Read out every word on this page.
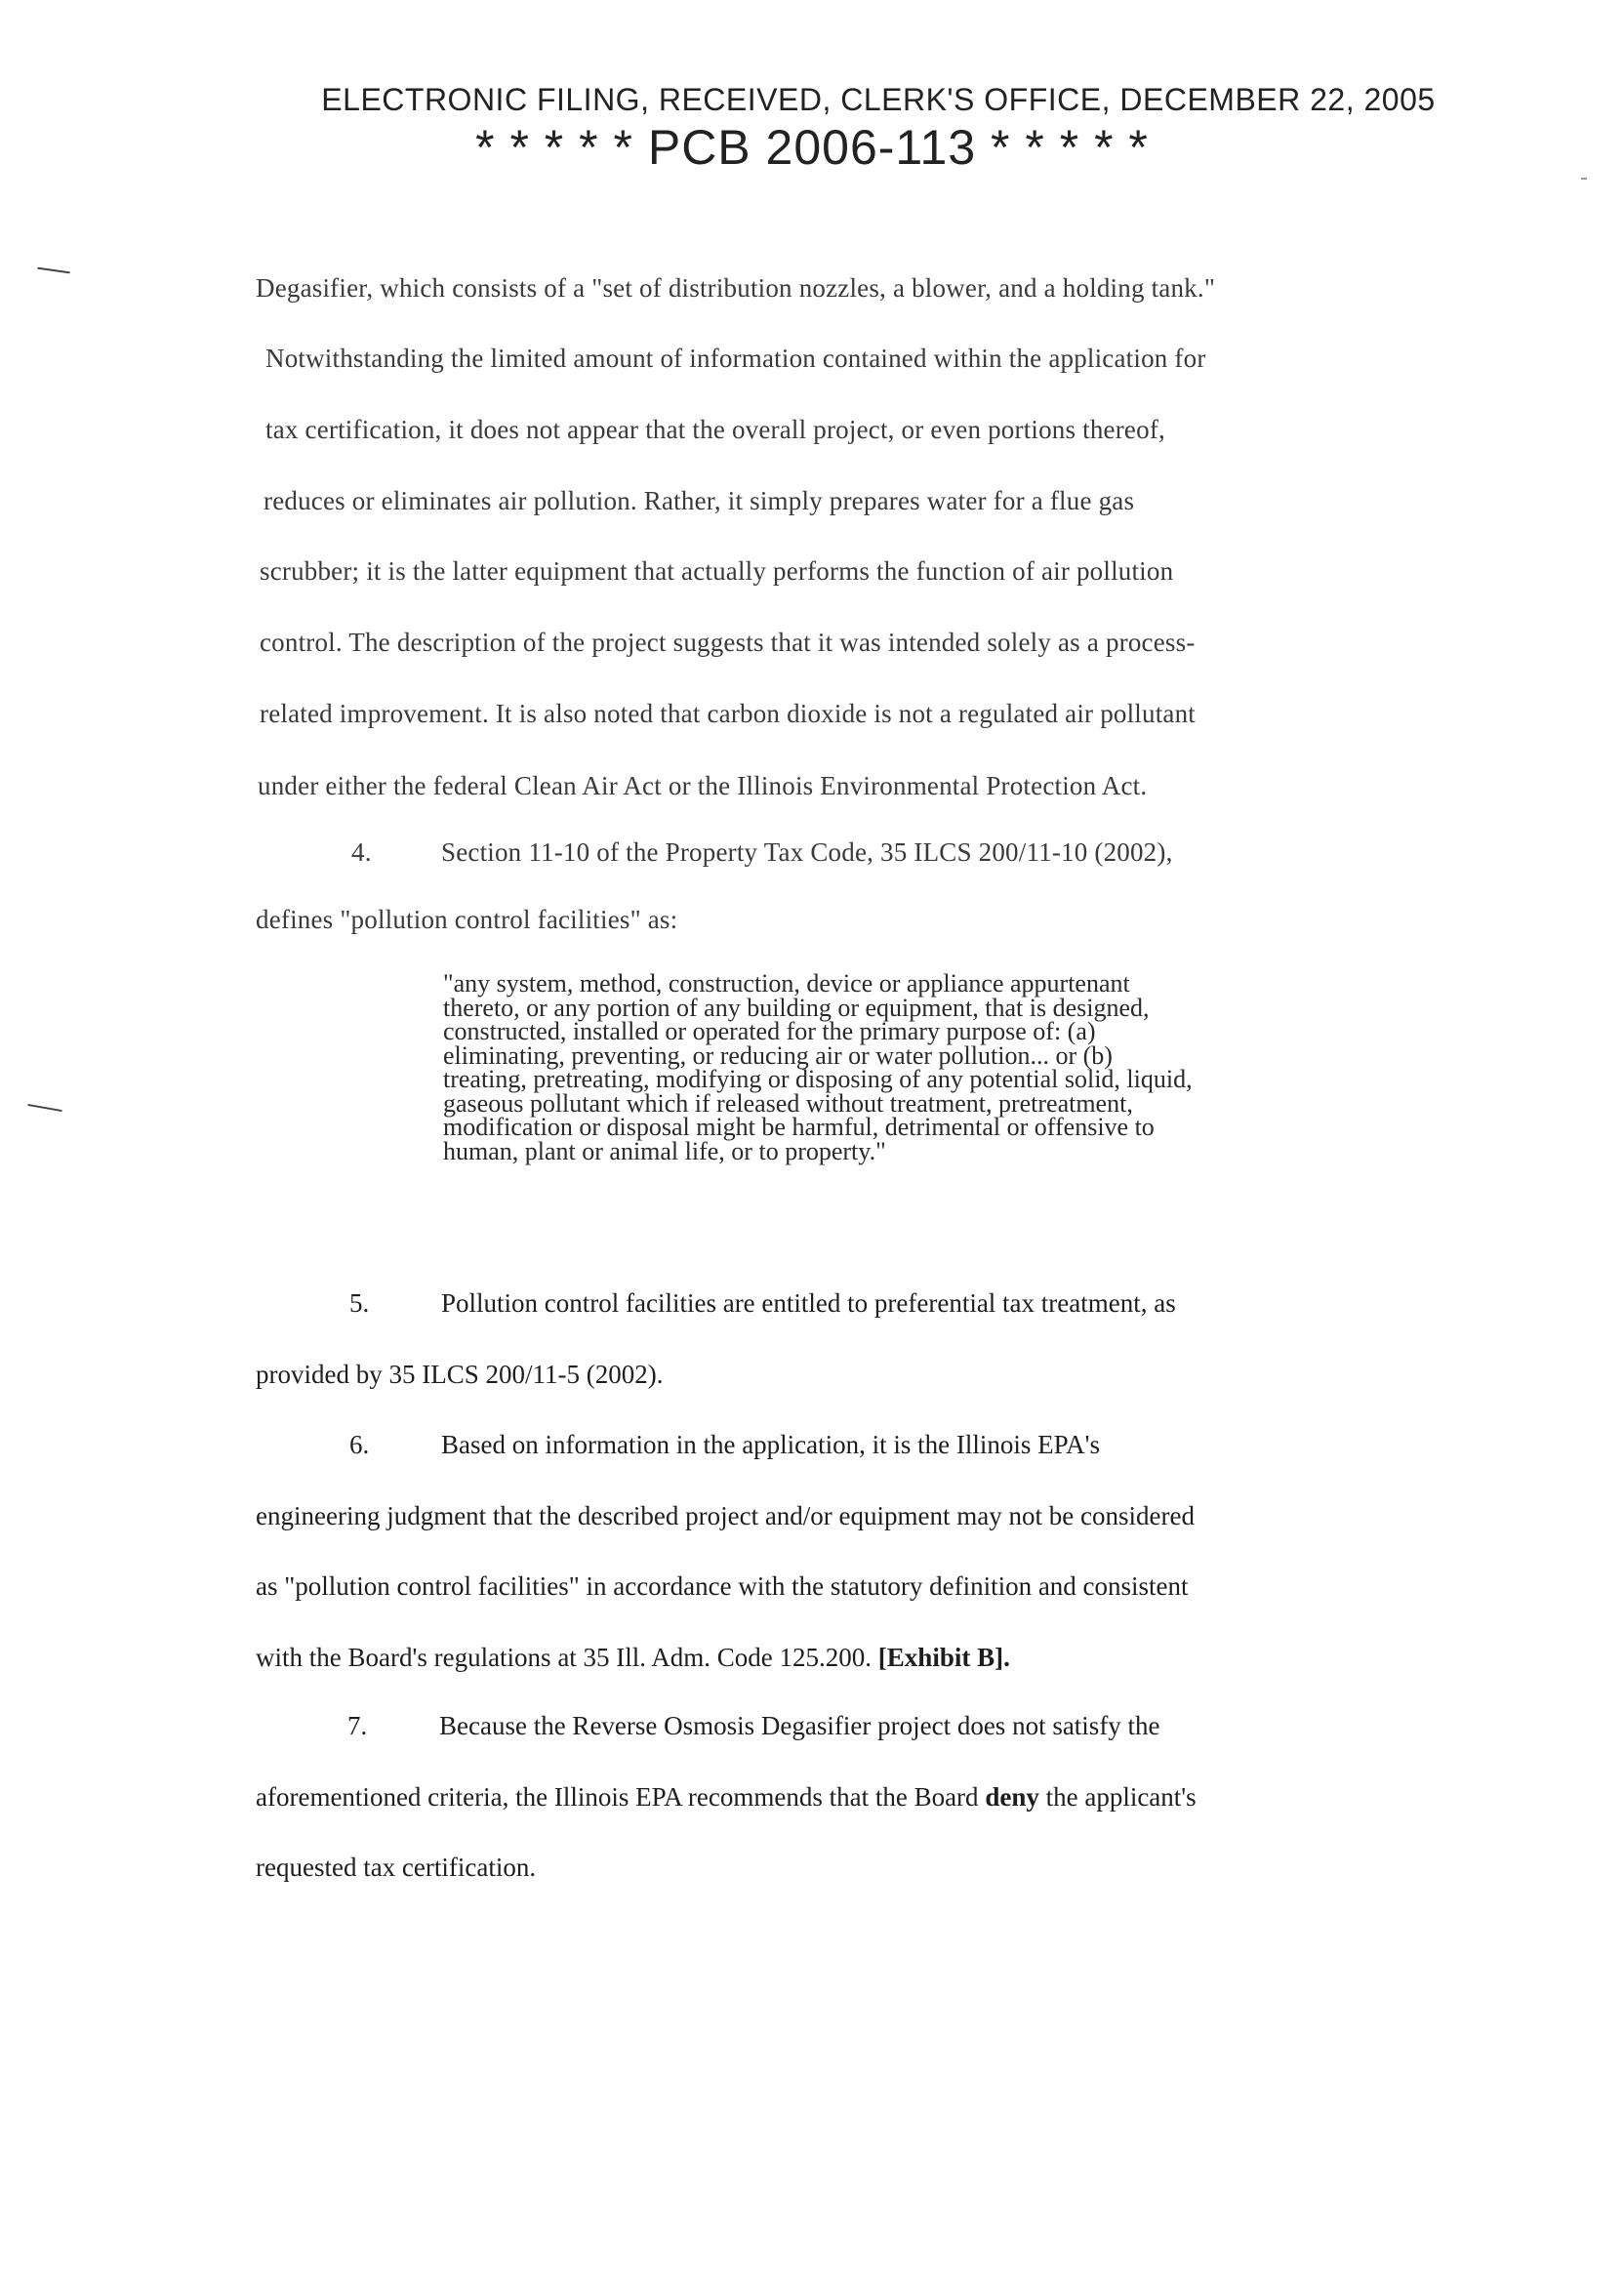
ELECTRONIC FILING, RECEIVED, CLERK'S OFFICE, DECEMBER 22, 2005
* * * * * PCB 2006-113 * * * * *
Degasifier, which consists of a "set of distribution nozzles, a blower, and a holding tank."
Notwithstanding the limited amount of information contained within the application for
tax certification, it does not appear that the overall project, or even portions thereof,
reduces or eliminates air pollution. Rather, it simply prepares water for a flue gas
scrubber; it is the latter equipment that actually performs the function of air pollution
control. The description of the project suggests that it was intended solely as a process-
related improvement. It is also noted that carbon dioxide is not a regulated air pollutant
under either the federal Clean Air Act or the Illinois Environmental Protection Act.
4.	Section 11-10 of the Property Tax Code, 35 ILCS 200/11-10 (2002),
defines "pollution control facilities" as:
"any system, method, construction, device or appliance appurtenant
thereto, or any portion of any building or equipment, that is designed,
constructed, installed or operated for the primary purpose of: (a)
eliminating, preventing, or reducing air or water pollution... or (b)
treating, pretreating, modifying or disposing of any potential solid, liquid,
gaseous pollutant which if released without treatment, pretreatment,
modification or disposal might be harmful, detrimental or offensive to
human, plant or animal life, or to property."
5.	Pollution control facilities are entitled to preferential tax treatment, as
provided by 35 ILCS 200/11-5 (2002).
6.	Based on information in the application, it is the Illinois EPA's
engineering judgment that the described project and/or equipment may not be considered
as "pollution control facilities" in accordance with the statutory definition and consistent
with the Board's regulations at 35 Ill. Adm. Code 125.200. [Exhibit B].
7.	Because the Reverse Osmosis Degasifier project does not satisfy the
aforementioned criteria, the Illinois EPA recommends that the Board deny the applicant's
requested tax certification.
